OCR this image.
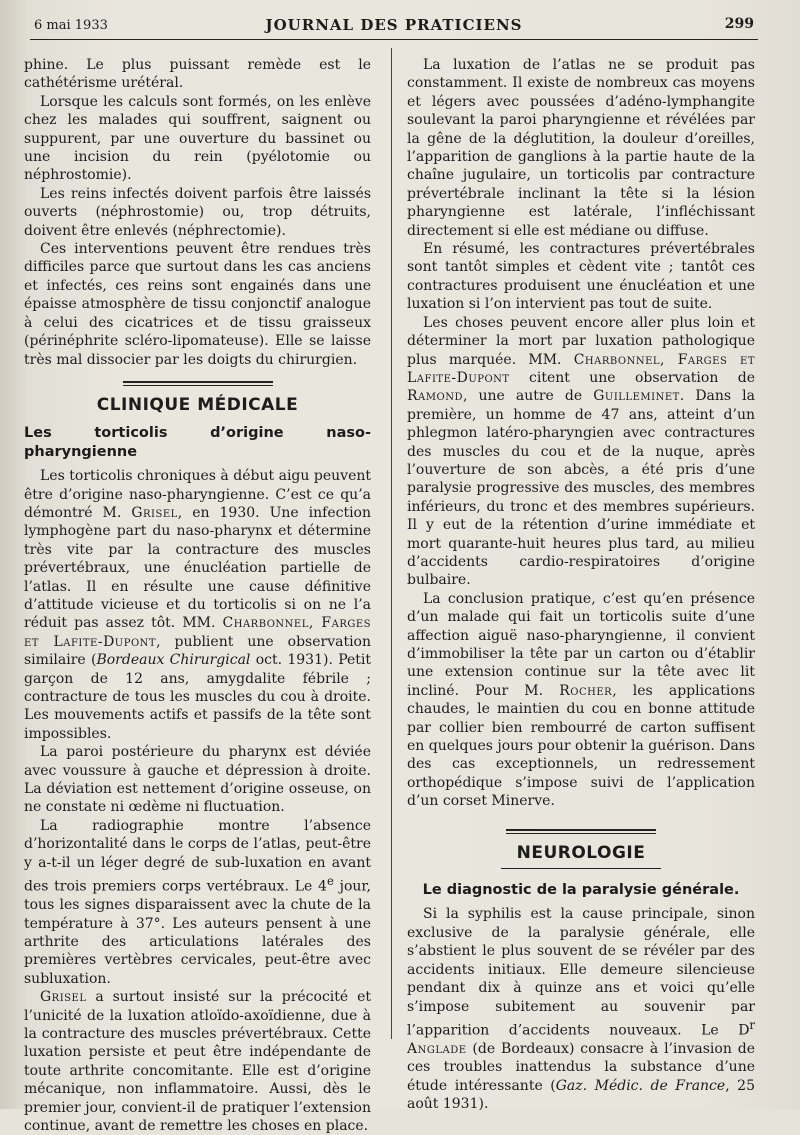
6 mai 1933	JOURNAL DES PRATICIENS	299

phine. Le plus puissant remède est le cathétérisme urétéral.

Lorsque les calculs sont formés, on les enlève chez les malades qui souffrent, saignent ou suppurent, par une ouverture du bassinet ou une incision du rein (pyélotomie ou néphrostomie).

Les reins infectés doivent parfois être laissés ouverts (néphrostomie) ou, trop détruits, doivent être enlevés (néphrectomie).

Ces interventions peuvent être rendues très difficiles parce que surtout dans les cas anciens et infectés, ces reins sont engainés dans une épaisse atmosphère de tissu conjonctif analogue à celui des cicatrices et de tissu graisseux (périnéphrite scléro-lipomateuse). Elle se laisse très mal dissocier par les doigts du chirurgien.

CLINIQUE MÉDICALE
Les torticolis d’origine naso-pharyngienne

Les torticolis chroniques à début aigu peuvent être d’origine naso-pharyngienne. C’est ce qu’a démontré M. Grisel, en 1930. Une infection lymphogène part du naso-pharynx et détermine très vite par la contracture des muscles prévertébraux, une énucléation partielle de l’atlas. Il en résulte une cause définitive d’attitude vicieuse et du torticolis si on ne l’a réduit pas assez tôt. MM. Charbonnel, Farges et Lafite-Dupont, publient une observation similaire (Bordeaux Chirurgical oct. 1931). Petit garçon de 12 ans, amygdalite fébrile ; contracture de tous les muscles du cou à droite. Les mouvements actifs et passifs de la tête sont impossibles.

La paroi postérieure du pharynx est déviée avec voussure à gauche et dépression à droite. La déviation est nettement d’origine osseuse, on ne constate ni œdème ni fluctuation.

La radiographie montre l’absence d’horizontalité dans le corps de l’atlas, peut-être y a-t-il un léger degré de sub-luxation en avant des trois premiers corps vertébraux. Le 4e jour, tous les signes disparaissent avec la chute de la température à 37°. Les auteurs pensent à une arthrite des articulations latérales des premières vertèbres cervicales, peut-être avec subluxation.

Grisel a surtout insisté sur la précocité et l’unicité de la luxation atloïdo-axoïdienne, due à la contracture des muscles prévertébraux. Cette luxation persiste et peut être indépendante de toute arthrite concomitante. Elle est d’origine mécanique, non inflammatoire. Aussi, dès le premier jour, convient-il de pratiquer l’extension continue, avant de remettre les choses en place.

La luxation de l’atlas ne se produit pas constamment. Il existe de nombreux cas moyens et légers avec poussées d’adéno-lymphangite soulevant la paroi pharyngienne et révélées par la gêne de la déglutition, la douleur d’oreilles, l’apparition de ganglions à la partie haute de la chaîne jugulaire, un torticolis par contracture prévertébrale inclinant la tête si la lésion pharyngienne est latérale, l’infléchissant directement si elle est médiane ou diffuse.

En résumé, les contractures prévertébrales sont tantôt simples et cèdent vite ; tantôt ces contractures produisent une énucléation et une luxation si l’on intervient pas tout de suite.

Les choses peuvent encore aller plus loin et déterminer la mort par luxation pathologique plus marquée. MM. Charbonnel, Farges et Lafite-Dupont citent une observation de Ramond, une autre de Guilleminet. Dans la première, un homme de 47 ans, atteint d’un phlegmon latéro-pharyngien avec contractures des muscles du cou et de la nuque, après l’ouverture de son abcès, a été pris d’une paralysie progressive des muscles, des membres inférieurs, du tronc et des membres supérieurs. Il y eut de la rétention d’urine immédiate et mort quarante-huit heures plus tard, au milieu d’accidents cardio-respiratoires d’origine bulbaire.

La conclusion pratique, c’est qu’en présence d’un malade qui fait un torticolis suite d’une affection aiguë naso-pharyngienne, il convient d’immobiliser la tête par un carton ou d’établir une extension continue sur la tête avec lit incliné. Pour M. Rocher, les applications chaudes, le maintien du cou en bonne attitude par collier bien rembourré de carton suffisent en quelques jours pour obtenir la guérison. Dans des cas exceptionnels, un redressement orthopédique s’impose suivi de l’application d’un corset Minerve.

NEUROLOGIE
Le diagnostic de la paralysie générale.

Si la syphilis est la cause principale, sinon exclusive de la paralysie générale, elle s’abstient le plus souvent de se révéler par des accidents initiaux. Elle demeure silencieuse pendant dix à quinze ans et voici qu’elle s’impose subitement au souvenir par l’apparition d’accidents nouveaux. Le $D^r$ Anglade (de Bordeaux) consacre à l’invasion de ces troubles inattendus la substance d’une étude intéressante (Gaz. Médic. de France, 25 août 1931).
